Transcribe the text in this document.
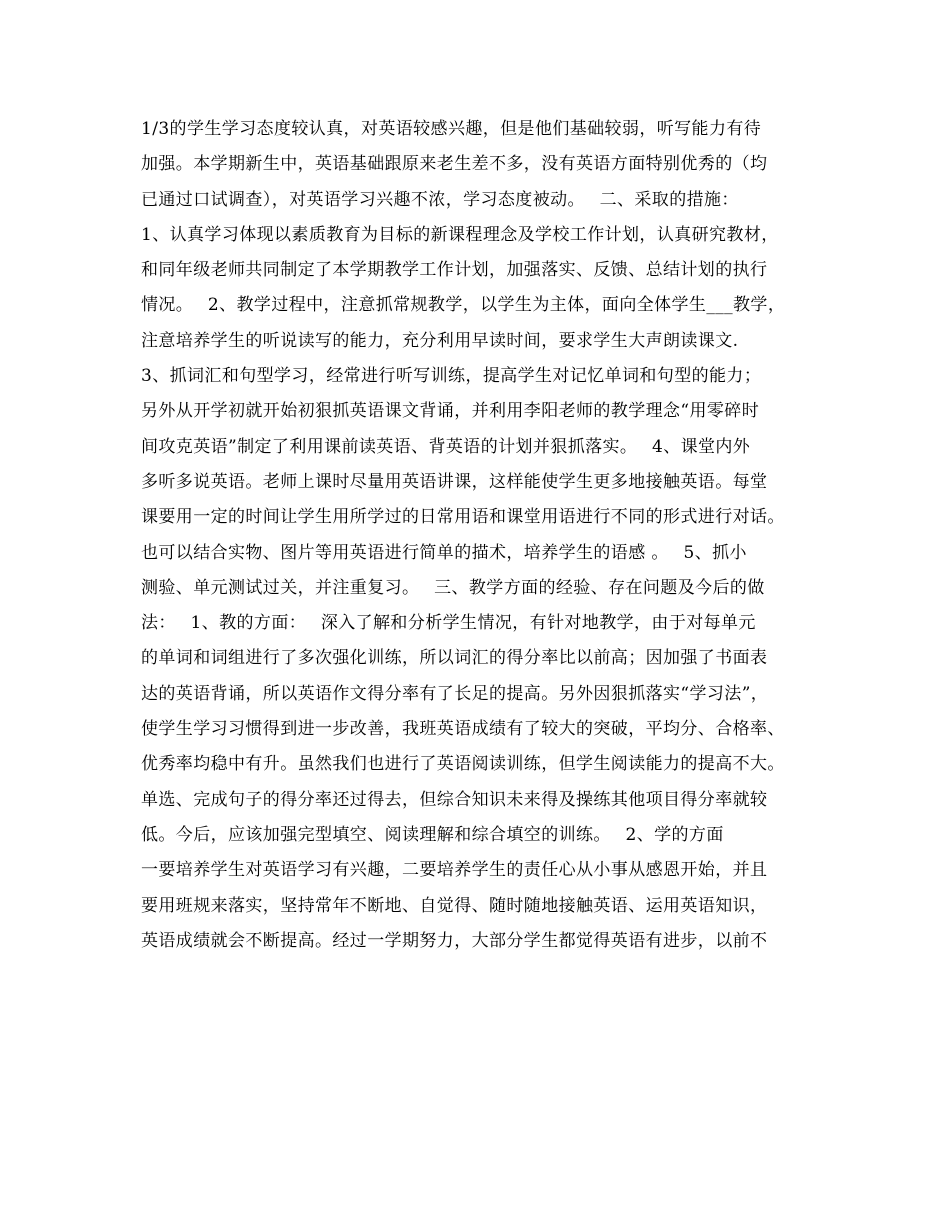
1/3的学生学习态度较认真，对英语较感兴趣，但是他们基础较弱，听写能力有待
加强。本学期新生中，英语基础跟原来老生差不多，没有英语方面特别优秀的（均
已通过口试调查），对英语学习兴趣不浓，学习态度被动。　 二、采取的措施：
1、认真学习体现以素质教育为目标的新课程理念及学校工作计划，认真研究教材，
和同年级老师共同制定了本学期教学工作计划，加强落实、反馈、总结计划的执行
情况。　 2、教学过程中，注意抓常规教学，以学生为主体，面向全体学生___教学，
注意培养学生的听说读写的能力，充分利用早读时间，要求学生大声朗读课文.
3、抓词汇和句型学习，经常进行听写训练，提高学生对记忆单词和句型的能力；
另外从开学初就开始初狠抓英语课文背诵，并利用李阳老师的教学理念“用零碎时
间攻克英语”制定了利用课前读英语、背英语的计划并狠抓落实。　 4、课堂内外
多听多说英语。老师上课时尽量用英语讲课，这样能使学生更多地接触英语。每堂
课要用一定的时间让学生用所学过的日常用语和课堂用语进行不同的形式进行对话。
也可以结合实物、图片等用英语进行简单的描术，培养学生的语感 。　 5、抓小
测验、单元测试过关，并注重复习。　 三、教学方面的经验、存在问题及今后的做
法：　 1、教的方面：　 深入了解和分析学生情况，有针对地教学，由于对每单元
的单词和词组进行了多次强化训练，所以词汇的得分率比以前高；因加强了书面表
达的英语背诵，所以英语作文得分率有了长足的提高。另外因狠抓落实“学习法”，
使学生学习习惯得到进一步改善，我班英语成绩有了较大的突破，平均分、合格率、
优秀率均稳中有升。虽然我们也进行了英语阅读训练，但学生阅读能力的提高不大。
单选、完成句子的得分率还过得去，但综合知识未来得及操练其他项目得分率就较
低。今后，应该加强完型填空、阅读理解和综合填空的训练。　 2、学的方面
一要培养学生对英语学习有兴趣，二要培养学生的责任心从小事从感恩开始，并且
要用班规来落实，坚持常年不断地、自觉得、随时随地接触英语、运用英语知识，
英语成绩就会不断提高。经过一学期努力，大部分学生都觉得英语有进步，以前不
